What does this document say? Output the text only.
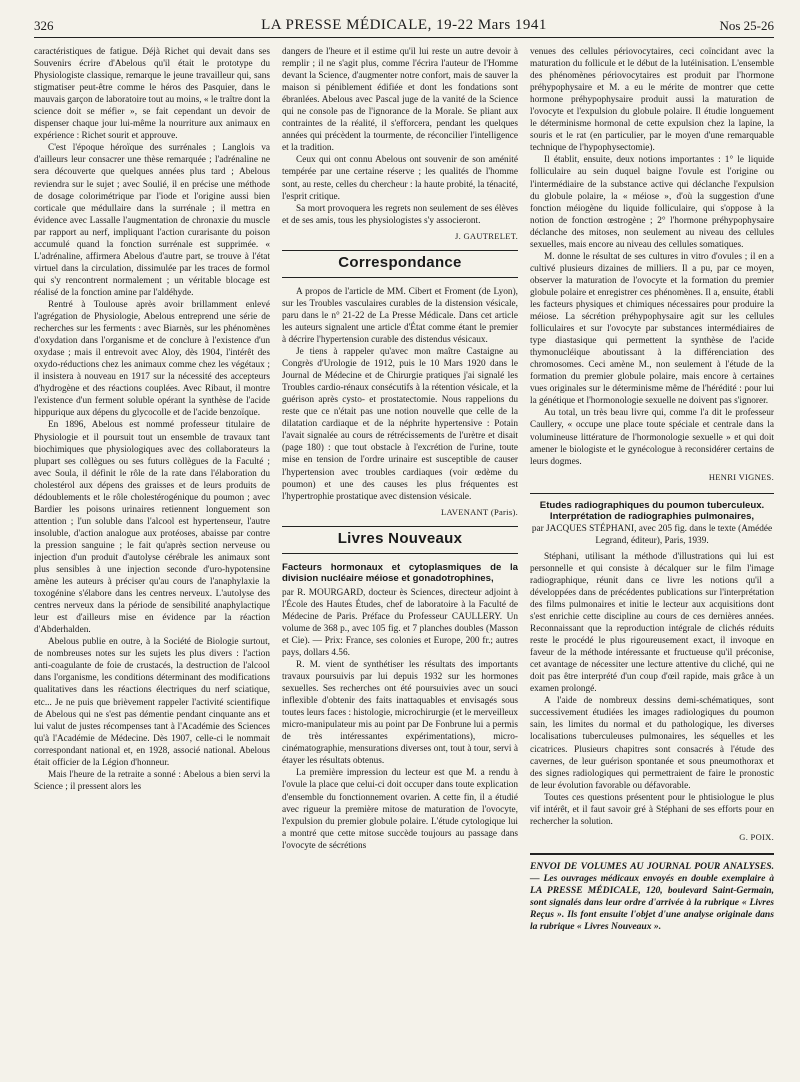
326	LA PRESSE MÉDICALE, 19-22 Mars 1941	Nos 25-26

caractéristiques de fatigue. Déjà Richet qui devait dans ses Souvenirs écrire d'Abelous qu'il était le prototype du Physiologiste classique, remarque le jeune travailleur qui, sans stigmatiser peut-être comme le héros des Pasquier, dans le mauvais garçon de laboratoire tout au moins, « le traître dont la science doit se méfier », se fait cependant un devoir de dispenser chaque jour lui-même la nourriture aux animaux en expérience : Richet sourit et approuve.

C'est l'époque héroïque des surrénales ; Langlois va d'ailleurs leur consacrer une thèse remarquée ; l'adrénaline ne sera découverte que quelques années plus tard ; Abelous reviendra sur le sujet ; avec Soulié, il en précise une méthode de dosage colorimétrique par l'iode et l'origine aussi bien corticale que médullaire dans la surrénale ; il mettra en évidence avec Lassalle l'augmentation de chronaxie du muscle par rapport au nerf, impliquant l'action curarisante du poison accumulé quand la fonction surrénale est supprimée. « L'adrénaline, affirmera Abelous d'autre part, se trouve à l'état virtuel dans la circulation, dissimulée par les traces de formol qui s'y rencontrent normalement ; un véritable blocage est réalisé de la fonction amine par l'aldéhyde.

Rentré à Toulouse après avoir brillamment enlevé l'agrégation de Physiologie, Abelous entreprend une série de recherches sur les ferments : avec Biarnès, sur les phénomènes d'oxydation dans l'organisme et de conclure à l'existence d'un oxydase ; mais il entrevoit avec Aloy, dès 1904, l'intérêt des oxydo-réductions chez les animaux comme chez les végétaux ; il insistera à nouveau en 1917 sur la nécessité des accepteurs d'hydrogène et des réactions couplées. Avec Ribaut, il montre l'existence d'un ferment soluble opérant la synthèse de l'acide hippurique aux dépens du glycocolle et de l'acide benzoïque.

En 1896, Abelous est nommé professeur titulaire de Physiologie et il poursuit tout un ensemble de travaux tant biochimiques que physiologiques avec des collaborateurs la plupart ses collègues ou ses futurs collègues de la Faculté ; avec Soula, il définit le rôle de la rate dans l'élaboration du cholestérol aux dépens des graisses et de leurs produits de dédoublements et le rôle cholestérogénique du poumon ; avec Bardier les poisons urinaires retiennent longuement son attention ; l'un soluble dans l'alcool est hypertenseur, l'autre insoluble, d'action analogue aux protéoses, abaisse par contre la pression sanguine ; le fait qu'après section nerveuse ou injection d'un produit d'autolyse cérébrale les animaux sont plus sensibles à une injection seconde d'uro-hypotensine amène les auteurs à préciser qu'au cours de l'anaphylaxie la toxogénine s'élabore dans les centres nerveux. L'autolyse des centres nerveux dans la période de sensibilité anaphylactique leur est d'ailleurs mise en évidence par la réaction d'Abderhalden.

Abelous publie en outre, à la Société de Biologie surtout, de nombreuses notes sur les sujets les plus divers : l'action anti-coagulante de foie de crustacés, la destruction de l'alcool dans l'organisme, les conditions déterminant des modifications qualitatives dans les réactions électriques du nerf sciatique, etc... Je ne puis que brièvement rappeler l'activité scientifique de Abelous qui ne s'est pas démentie pendant cinquante ans et lui valut de justes récompenses tant à l'Académie des Sciences qu'à l'Académie de Médecine. Dès 1907, celle-ci le nommait correspondant national et, en 1928, associé national. Abelous était officier de la Légion d'honneur.

Mais l'heure de la retraite a sonné : Abelous a bien servi la Science ; il pressent alors les

dangers de l'heure et il estime qu'il lui reste un autre devoir à remplir ; il ne s'agit plus, comme l'écrira l'auteur de l'Homme devant la Science, d'augmenter notre confort, mais de sauver la maison si péniblement édifiée et dont les fondations sont ébranlées. Abelous avec Pascal juge de la vanité de la Science qui ne console pas de l'ignorance de la Morale. Se pliant aux contraintes de la réalité, il s'efforcera, pendant les quelques années qui précèdent la tourmente, de réconcilier l'intelligence et la tradition.

Ceux qui ont connu Abelous ont souvenir de son aménité tempérée par une certaine réserve ; les qualités de l'homme sont, au reste, celles du chercheur : la haute probité, la ténacité, l'esprit critique.

Sa mort provoquera les regrets non seulement de ses élèves et de ses amis, tous les physiologistes s'y associeront.

J. GAUTRELET.
Correspondance

A propos de l'article de MM. Cibert et Froment (de Lyon), sur les Troubles vasculaires curables de la distension vésicale, paru dans le n° 21-22 de La Presse Médicale. Dans cet article les auteurs signalent une article d'État comme étant le premier à décrire l'hypertension curable des distendus vésicaux.

Je tiens à rappeler qu'avec mon maître Castaigne au Congrès d'Urologie de 1912, puis le 10 Mars 1920 dans le Journal de Médecine et de Chirurgie pratiques j'ai signalé les Troubles cardio-rénaux consécutifs à la rétention vésicale, et la guérison après cysto- et prostatectomie. Nous rappelions du reste que ce n'était pas une notion nouvelle que celle de la dilatation cardiaque et de la néphrite hypertensive : Potain l'avait signalée au cours de rétrécissements de l'urètre et disait (page 180) : que tout obstacle à l'excrétion de l'urine, toute mise en tension de l'ordre urinaire est susceptible de causer l'hypertension avec troubles cardiaques (voir œdème du poumon) et une des causes les plus fréquentes est l'hypertrophie prostatique avec distension vésicale.

LAVENANT (Paris).
Livres Nouveaux
Facteurs hormonaux et cytoplasmiques de la division nucléaire méiose et gonadotrophines,

par R. MOURGARD, docteur ès Sciences, directeur adjoint à l'École des Hautes Études, chef de laboratoire à la Faculté de Médecine de Paris. Préface du Professeur CAULLERY. Un volume de 368 p., avec 105 fig. et 7 planches doubles (Masson et Cie). — Prix: France, ses colonies et Europe, 200 fr.; autres pays, dollars 4.56.

R. M. vient de synthétiser les résultats des importants travaux poursuivis par lui depuis 1932 sur les hormones sexuelles. Ses recherches ont été poursuivies avec un souci inflexible d'obtenir des faits inattaquables et envisagés sous toutes leurs faces : histologie, microchirurgie (et le merveilleux micro-manipulateur mis au point par De Fonbrune lui a permis de très intéressantes expérimentations), micro-cinématographie, mensurations diverses ont, tout à tour, servi à étayer les résultats obtenus.

La première impression du lecteur est que M. a rendu à l'ovule la place que celui-ci doit occuper dans toute explication d'ensemble du fonctionnement ovarien. A cette fin, il a étudié avec rigueur la première mitose de maturation de l'ovocyte, l'expulsion du premier globule polaire. L'étude cytologique lui a montré que cette mitose succède toujours au passage dans l'ovocyte de sécrétions

venues des cellules périovocytaires, ceci coïncidant avec la maturation du follicule et le début de la lutéinisation. L'ensemble des phénomènes périovocytaires est produit par l'hormone préhypophysaire et M. a eu le mérite de montrer que cette hormone préhypophysaire produit aussi la maturation de l'ovocyte et l'expulsion du globule polaire. Il étudie longuement le déterminisme hormonal de cette expulsion chez la lapine, la souris et le rat (en particulier, par le moyen d'une remarquable technique de l'hypophysectomie).

Il établit, ensuite, deux notions importantes : 1° le liquide folliculaire au sein duquel baigne l'ovule est l'origine ou l'intermédiaire de la substance active qui déclanche l'expulsion du globule polaire, la « méiose », d'où la suggestion d'une fonction méiogène du liquide folliculaire, qui s'oppose à la notion de fonction œstrogène ; 2° l'hormone préhypophysaire déclanche des mitoses, non seulement au niveau des cellules sexuelles, mais encore au niveau des cellules somatiques.

M. donne le résultat de ses cultures in vitro d'ovules ; il en a cultivé plusieurs dizaines de milliers. Il a pu, par ce moyen, observer la maturation de l'ovocyte et la formation du premier globule polaire et enregistrer ces phénomènes. Il a, ensuite, établi les facteurs physiques et chimiques nécessaires pour produire la méiose. La sécrétion préhypophysaire agit sur les cellules folliculaires et sur l'ovocyte par substances intermédiaires de type diastasique qui permettent la synthèse de l'acide thymonucléique aboutissant à la différenciation des chromosomes. Ceci amène M., non seulement à l'étude de la formation du premier globule polaire, mais encore à certaines vues originales sur le déterminisme même de l'hérédité : pour lui la génétique et l'hormonologie sexuelle ne doivent pas s'ignorer.

Au total, un très beau livre qui, comme l'a dit le professeur Caullery, « occupe une place toute spéciale et centrale dans la volumineuse littérature de l'hormonologie sexuelle » et qui doit amener le biologiste et le gynécologue à reconsidérer certains de leurs dogmes.

HENRI VIGNES.
Etudes radiographiques du poumon tuberculeux. Interprétation de radiographies pulmonaires,
par JACQUES STÉPHANI, avec 205 fig. dans le texte (Amédée Legrand, éditeur), Paris, 1939.

Stéphani, utilisant la méthode d'illustrations qui lui est personnelle et qui consiste à décalquer sur le film l'image radiographique, réunit dans ce livre les notions qu'il a développées dans de précédentes publications sur l'interprétation des films pulmonaires et initie le lecteur aux acquisitions dont s'est enrichie cette discipline au cours de ces dernières années. Reconnaissant que la reproduction intégrale de clichés réduits reste le procédé le plus rigoureusement exact, il invoque en faveur de la méthode intéressante et fructueuse qu'il préconise, cet avantage de nécessiter une lecture attentive du cliché, qui ne doit pas être interprété d'un coup d'œil rapide, mais grâce à un examen prolongé.

A l'aide de nombreux dessins demi-schématiques, sont successivement étudiées les images radiologiques du poumon sain, les limites du normal et du pathologique, les diverses localisations tuberculeuses pulmonaires, les séquelles et les cicatrices. Plusieurs chapitres sont consacrés à l'étude des cavernes, de leur guérison spontanée et sous pneumothorax et des signes radiologiques qui permettraient de faire le pronostic de leur évolution favorable ou défavorable.

Toutes ces questions présentent pour le phtisiologue le plus vif intérêt, et il faut savoir gré à Stéphani de ses efforts pour en rechercher la solution.

G. POIX.
ENVOI DE VOLUMES AU JOURNAL POUR ANALYSES. — Les ouvrages médicaux envoyés en double exemplaire à LA PRESSE MÉDICALE, 120, boulevard Saint-Germain, sont signalés dans leur ordre d'arrivée à la rubrique « Livres Reçus ». Ils font ensuite l'objet d'une analyse originale dans la rubrique « Livres Nouveaux ».
